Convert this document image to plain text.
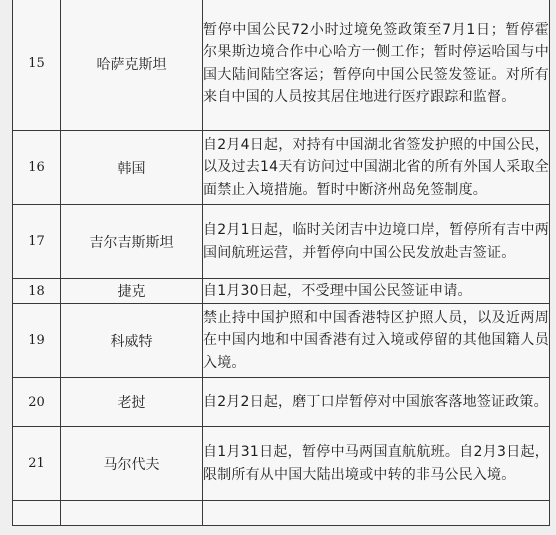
15	哈萨克斯坦	暂停中国公民72小时过境免签政策至7月1日；暂停霍尔果斯边境合作中心哈方一侧工作；暂时停运哈国与中国大陆间陆空客运；暂停向中国公民签发签证。对所有来自中国的人员按其居住地进行医疗跟踪和监督。
16	韩国	自2月4日起，对持有中国湖北省签发护照的中国公民，以及过去14天有访问过中国湖北省的所有外国人采取全面禁止入境措施。暂时中断济州岛免签制度。
17	吉尔吉斯斯坦	自2月1日起，临时关闭吉中边境口岸，暂停所有吉中两国间航班运营，并暂停向中国公民发放赴吉签证。
18	捷克	自1月30日起，不受理中国公民签证申请。
19	科威特	禁止持中国护照和中国香港特区护照人员，以及近两周在中国内地和中国香港有过入境或停留的其他国籍人员入境。
20	老挝	自2月2日起，磨丁口岸暂停对中国旅客落地签证政策。
21	马尔代夫	自1月31日起，暂停中马两国直航航班。自2月3日起，限制所有从中国大陆出境或中转的非马公民入境。
